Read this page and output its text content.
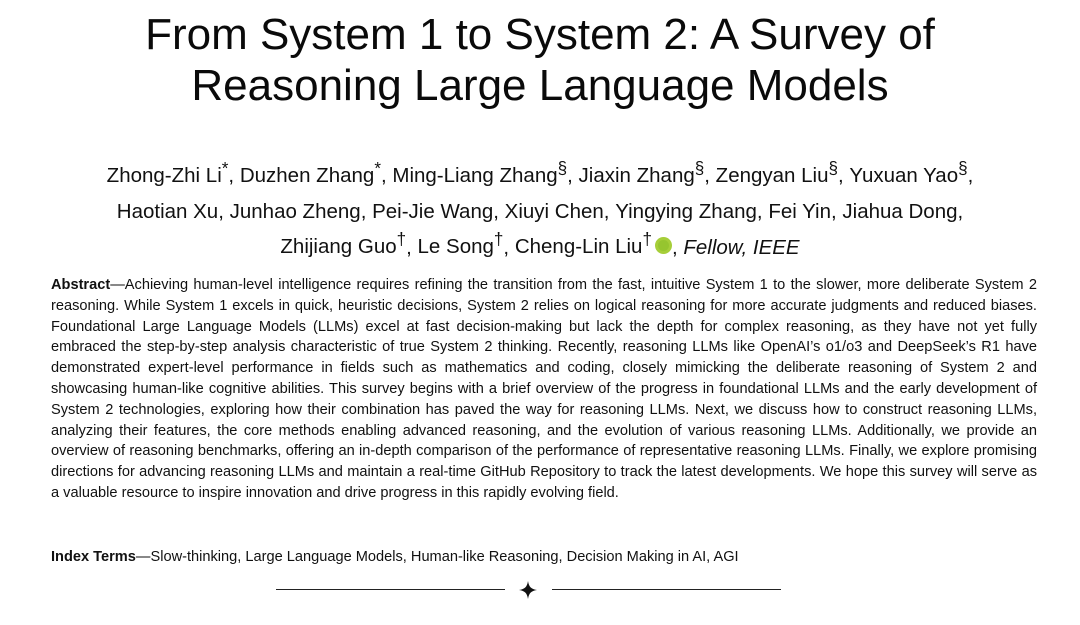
From System 1 to System 2: A Survey of
Reasoning Large Language Models
Zhong-Zhi Li*, Duzhen Zhang*, Ming-Liang Zhang§, Jiaxin Zhang§, Zengyan Liu§, Yuxuan Yao§,
Haotian Xu, Junhao Zheng, Pei-Jie Wang, Xiuyi Chen, Yingying Zhang, Fei Yin, Jiahua Dong,
Zhijiang Guo†, Le Song†, Cheng-Lin Liu† , Fellow, IEEE

Abstract—Achieving human-level intelligence requires refining the transition from the fast, intuitive System 1 to the slower, more deliberate System 2 reasoning. While System 1 excels in quick, heuristic decisions, System 2 relies on logical reasoning for more accurate judgments and reduced biases. Foundational Large Language Models (LLMs) excel at fast decision-making but lack the depth for complex reasoning, as they have not yet fully embraced the step-by-step analysis characteristic of true System 2 thinking. Recently, reasoning LLMs like OpenAI’s o1/o3 and DeepSeek’s R1 have demonstrated expert-level performance in fields such as mathematics and coding, closely mimicking the deliberate reasoning of System 2 and showcasing human-like cognitive abilities. This survey begins with a brief overview of the progress in foundational LLMs and the early development of System 2 technologies, exploring how their combination has paved the way for reasoning LLMs. Next, we discuss how to construct reasoning LLMs, analyzing their features, the core methods enabling advanced reasoning, and the evolution of various reasoning LLMs. Additionally, we provide an overview of reasoning benchmarks, offering an in-depth comparison of the performance of representative reasoning LLMs. Finally, we explore promising directions for advancing reasoning LLMs and maintain a real-time GitHub Repository to track the latest developments. We hope this survey will serve as a valuable resource to inspire innovation and drive progress in this rapidly evolving field.

Index Terms—Slow-thinking, Large Language Models, Human-like Reasoning, Decision Making in AI, AGI
